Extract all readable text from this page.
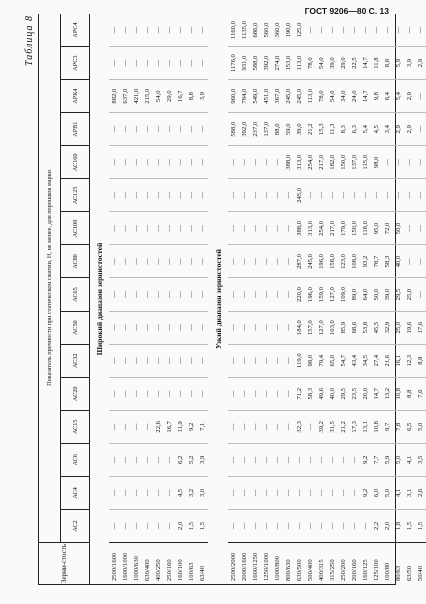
ГОСТ 9206—80 С. 13
Таблица 8
Зерни-стость
Показатель прочности при статическом сжатии, Н, не менее, для порошков марки
АС2
АС4
АС6
АС15
АС20
АС32
АС50
АС65
АС80
АС100
АС125
АС160
АРВ1
АРК4
АРС3
АРС4
Широкий диапазон зернистостей
2500/1600
—
—
—
—
—
—
—
—
—
—
—
—
—
882,0
—
—
1600/1000
—
—
—
—
—
—
—
—
—
—
—
—
—
637,0
—
—
1000/630
—
—
—
—
—
—
—
—
—
—
—
—
—
421,0
—
—
630/400
—
—
—
—
—
—
—
—
—
—
—
—
—
215,0
—
—
400/250
—
—
—
22,6
—
—
—
—
—
—
—
—
—
54,0
—
—
250/160
—
—
—
16,7
—
—
—
—
—
—
—
—
—
29,0
—
—
160/100
2,0
4,5
6,2
11,9
—
—
—
—
—
—
—
—
—
16,7
—
—
100/63
1,5
3,2
5,2
9,2
—
—
—
—
—
—
—
—
—
8,8
—
—
63/40
1,5
3,0
3,9
7,1
—
—
—
—
—
—
—
—
—
3,9
—
—
Узкий диапазон зернистостей
2500/2000
—
—
—
—
—
—
—
—
—
—
—
—
588,0
960,0
1176,0
1160,0
2000/1600
—
—
—
—
—
—
—
—
—
—
—
—
392,0
784,0
931,0
1135,0
1600/1250
—
—
—
—
—
—
—
—
—
—
—
—
237,0
549,0
588,0
686,0
1250/1000
—
—
—
—
—
—
—
—
—
—
—
—
137,0
451,0
392,0
560,0
1000/800
—
—
—
—
—
—
—
—
—
—
—
—
88,0
367,0
274,0
360,0
800/630
—
—
—
—
—
—
—
—
—
—
—
388,0
59,0
245,0
153,0
190,0
630/500
—
—
—
32,3
71,2
119,0
184,0
220,0
287,0
388,0
245,0
313,0
39,0
245,0
113,0
125,0
500/400
—
—
—
—
58,3
98,0
157,0
196,0
245,0
313,0
—
254,0
21,2
113,0
78,0
—
400/315
—
—
—
39,2
49,6
79,4
127,0
159,0
196,0
254,0
—
217,0
15,3
78,0
54,0
—
315/250
—
—
—
31,5
40,0
65,0
103,0
127,0
158,0
217,0
—
182,0
11,3
54,0
39,0
—
250/200
—
—
—
21,2
29,5
54,7
85,9
109,0
123,0
179,0
—
150,0
8,3
34,0
29,0
—
200/160
—
—
—
17,3
23,5
43,4
68,6
89,0
108,0
150,0
—
137,0
6,3
24,0
22,5
—
160/125
—
9,2
9,2
13,1
20,0
34,5
53,8
64,0
93,2
118,0
—
115,0
5,4
14,7
14,7
—
125/100
2,2
6,0
7,7
10,8
14,7
27,4
45,5
50,0
78,7
95,0
—
98,0
4,5
9,8
11,8
—
100/80
2,0
5,0
5,9
9,7
13,2
21,6
32,9
39,0
58,3
72,0
—
—
3,4
6,4
8,8
—
80/63
1,8
4,1
5,0
7,8
10,8
16,1
25,0
29,5
40,0
50,0
—
—
2,9
5,4
5,9
—
63/50
1,5
3,1
4,1
6,5
8,8
12,3
19,6
25,0
—
—
—
—
2,9
2,9
3,9
—
50/40
1,5
2,6
3,5
5,0
7,6
8,8
17,6
—
—
—
—
—
—
—
2,9
—
